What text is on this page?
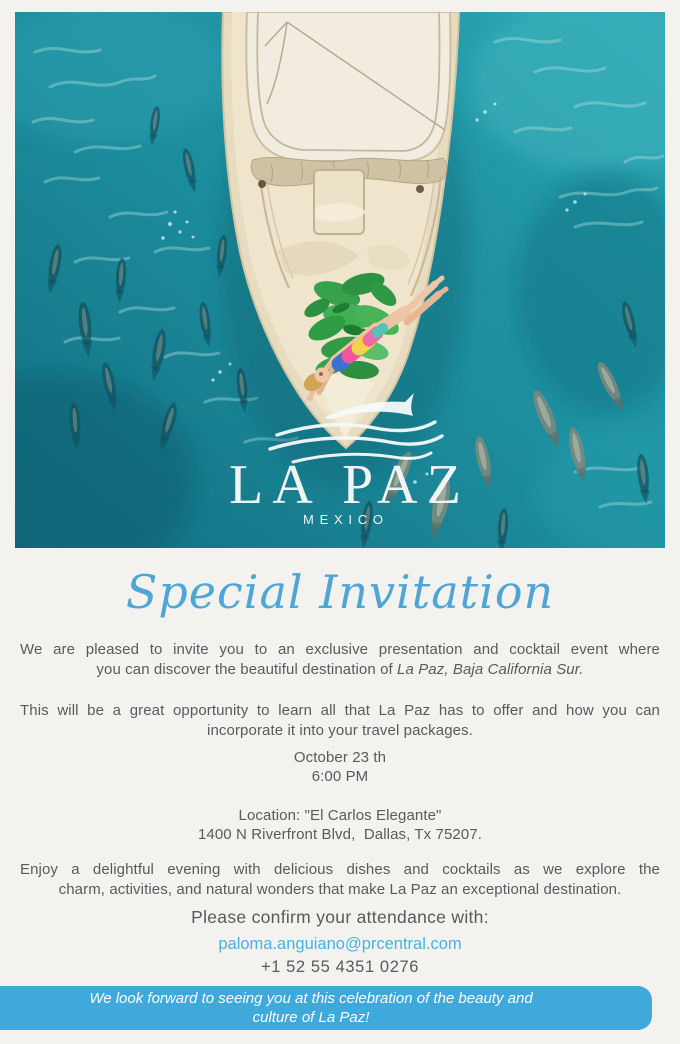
LA PAZ
MEXICO
Special Invitation
We are pleased to invite you to an exclusive presentation and cocktail event where
you can discover the beautiful destination of La Paz, Baja California Sur.
This will be a great opportunity to learn all that La Paz has to offer and how you can
incorporate it into your travel packages.
October 23 th
6:00 PM
Location: "El Carlos Elegante"
1400 N Riverfront Blvd,  Dallas, Tx 75207.
Enjoy a delightful evening with delicious dishes and cocktails as we explore the
charm, activities, and natural wonders that make La Paz an exceptional destination.
Please confirm your attendance with:
paloma.anguiano@prcentral.com
+1 52 55 4351 0276
We look forward to seeing you at this celebration of the beauty and culture of La Paz!
